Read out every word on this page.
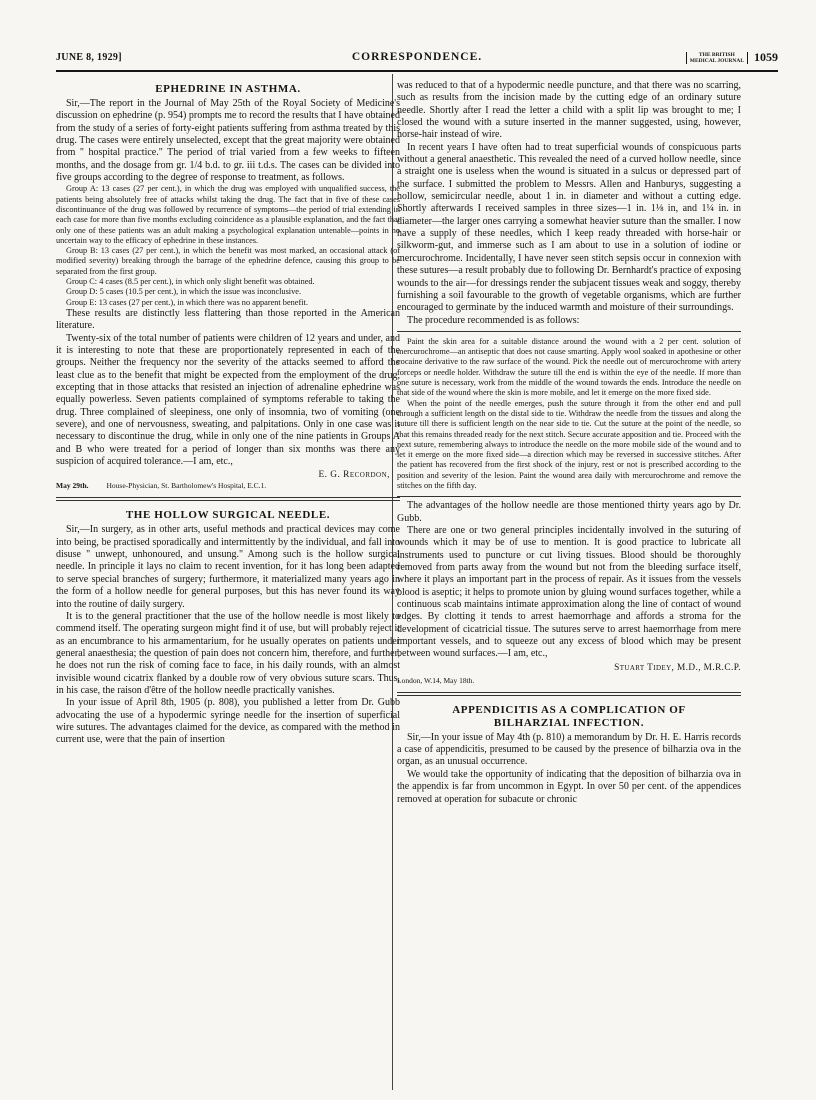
JUNE 8, 1929]	CORRESPONDENCE.	THE BRITISH
MEDICAL JOURNAL 1059
EPHEDRINE IN ASTHMA.

Sir,—The report in the Journal of May 25th of the Royal Society of Medicine's discussion on ephedrine (p. 954) prompts me to record the results that I have obtained from the study of a series of forty-eight patients suffering from asthma treated by this drug. The cases were entirely unselected, except that the great majority were obtained from " hospital practice." The period of trial varied from a few weeks to fifteen months, and the dosage from gr. 1/4 b.d. to gr. iii t.d.s. The cases can be divided into five groups according to the degree of response to treatment, as follows.

Group A: 13 cases (27 per cent.), in which the drug was employed with unqualified success, the patients being absolutely free of attacks whilst taking the drug. The fact that in five of these cases discontinuance of the drug was followed by recurrence of symptoms—the period of trial extending in each case for more than five months excluding coincidence as a plausible explanation, and the fact that only one of these patients was an adult making a psychological explanation untenable—points in no uncertain way to the efficacy of ephedrine in these instances.

Group B: 13 cases (27 per cent.), in which the benefit was most marked, an occasional attack (of modified severity) breaking through the barrage of the ephedrine defence, causing this group to be separated from the first group.

Group C: 4 cases (8.5 per cent.), in which only slight benefit was obtained.

Group D: 5 cases (10.5 per cent.), in which the issue was inconclusive.

Group E: 13 cases (27 per cent.), in which there was no apparent benefit.

These results are distinctly less flattering than those reported in the American literature.

Twenty-six of the total number of patients were children of 12 years and under, and it is interesting to note that these are proportionately represented in each of the groups. Neither the frequency nor the severity of the attacks seemed to afford the least clue as to the benefit that might be expected from the employment of the drug, excepting that in those attacks that resisted an injection of adrenaline ephedrine was equally powerless. Seven patients complained of symptoms referable to taking the drug. Three complained of sleepiness, one only of insomnia, two of vomiting (one severe), and one of nervousness, sweating, and palpitations. Only in one case was it necessary to discontinue the drug, while in only one of the nine patients in Groups A and B who were treated for a period of longer than six months was there any suspicion of acquired tolerance.—I am, etc.,

E. G. Recordon,
May 29th. House-Physician, St. Bartholomew's Hospital, E.C.1.
THE HOLLOW SURGICAL NEEDLE.

Sir,—In surgery, as in other arts, useful methods and practical devices may come into being, be practised sporadically and intermittently by the individual, and fall into disuse " unwept, unhonoured, and unsung." Among such is the hollow surgical needle. In principle it lays no claim to recent invention, for it has long been adapted to serve special branches of surgery; furthermore, it materialized many years ago in the form of a hollow needle for general purposes, but this has never found its way into the routine of daily surgery.

It is to the general practitioner that the use of the hollow needle is most likely to commend itself. The operating surgeon might find it of use, but will probably reject it as an encumbrance to his armamentarium, for he usually operates on patients under general anaesthesia; the question of pain does not concern him, therefore, and further, he does not run the risk of coming face to face, in his daily rounds, with an almost invisible wound cicatrix flanked by a double row of very obvious suture scars. Thus, in his case, the raison d'être of the hollow needle practically vanishes.

In your issue of April 8th, 1905 (p. 808), you published a letter from Dr. Gubb advocating the use of a hypodermic syringe needle for the insertion of superficial wire sutures. The advantages claimed for the device, as compared with the method in current use, were that the pain of insertion

was reduced to that of a hypodermic needle puncture, and that there was no scarring, such as results from the incision made by the cutting edge of an ordinary suture needle. Shortly after I read the letter a child with a split lip was brought to me; I closed the wound with a suture inserted in the manner suggested, using, however, horse-hair instead of wire.

In recent years I have often had to treat superficial wounds of conspicuous parts without a general anaesthetic. This revealed the need of a curved hollow needle, since a straight one is useless when the wound is situated in a sulcus or depressed part of the surface. I submitted the problem to Messrs. Allen and Hanburys, suggesting a hollow, semicircular needle, about 1 in. in diameter and without a cutting edge. Shortly afterwards I received samples in three sizes—1 in. 1⅛ in, and 1¼ in. in diameter—the larger ones carrying a somewhat heavier suture than the smaller. I now have a supply of these needles, which I keep ready threaded with horse-hair or silkworm-gut, and immerse such as I am about to use in a solution of iodine or mercurochrome. Incidentally, I have never seen stitch sepsis occur in connexion with these sutures—a result probably due to following Dr. Bernhardt's practice of exposing wounds to the air—for dressings render the subjacent tissues weak and soggy, thereby furnishing a soil favourable to the growth of vegetable organisms, which are further encouraged to germinate by the induced warmth and moisture of their surroundings.

The procedure recommended is as follows:

Paint the skin area for a suitable distance around the wound with a 2 per cent. solution of mercurochrome—an antiseptic that does not cause smarting. Apply wool soaked in apothesine or other cocaine derivative to the raw surface of the wound. Pick the needle out of mercurochrome with artery forceps or needle holder. Withdraw the suture till the end is within the eye of the needle. If more than one suture is necessary, work from the middle of the wound towards the ends. Introduce the needle on that side of the wound where the skin is more mobile, and let it emerge on the more fixed side.

When the point of the needle emerges, push the suture through it from the other end and pull through a sufficient length on the distal side to tie. Withdraw the needle from the tissues and along the suture till there is sufficient length on the near side to tie. Cut the suture at the point of the needle, so that this remains threaded ready for the next stitch. Secure accurate apposition and tie. Proceed with the next suture, remembering always to introduce the needle on the more mobile side of the wound and to let it emerge on the more fixed side—a direction which may be reversed in successive stitches. After the patient has recovered from the first shock of the injury, rest or not is prescribed according to the position and severity of the lesion. Paint the wound area daily with mercurochrome and remove the stitches on the fifth day.

The advantages of the hollow needle are those mentioned thirty years ago by Dr. Gubb.

There are one or two general principles incidentally involved in the suturing of wounds which it may be of use to mention. It is good practice to lubricate all instruments used to puncture or cut living tissues. Blood should be thoroughly removed from parts away from the wound but not from the bleeding surface itself, where it plays an important part in the process of repair. As it issues from the vessels blood is aseptic; it helps to promote union by gluing wound surfaces together, while a continuous scab maintains intimate approximation along the line of contact of wound edges. By clotting it tends to arrest haemorrhage and affords a stroma for the development of cicatricial tissue. The sutures serve to arrest haemorrhage from mere important vessels, and to squeeze out any excess of blood which may be present between wound surfaces.—I am, etc.,

Stuart Tidey, M.D., M.R.C.P.
London, W.14, May 18th.
APPENDICITIS AS A COMPLICATION OF
BILHARZIAL INFECTION.

Sir,—In your issue of May 4th (p. 810) a memorandum by Dr. H. E. Harris records a case of appendicitis, presumed to be caused by the presence of bilharzia ova in the organ, as an unusual occurrence.

We would take the opportunity of indicating that the deposition of bilharzia ova in the appendix is far from uncommon in Egypt. In over 50 per cent. of the appendices removed at operation for subacute or chronic
